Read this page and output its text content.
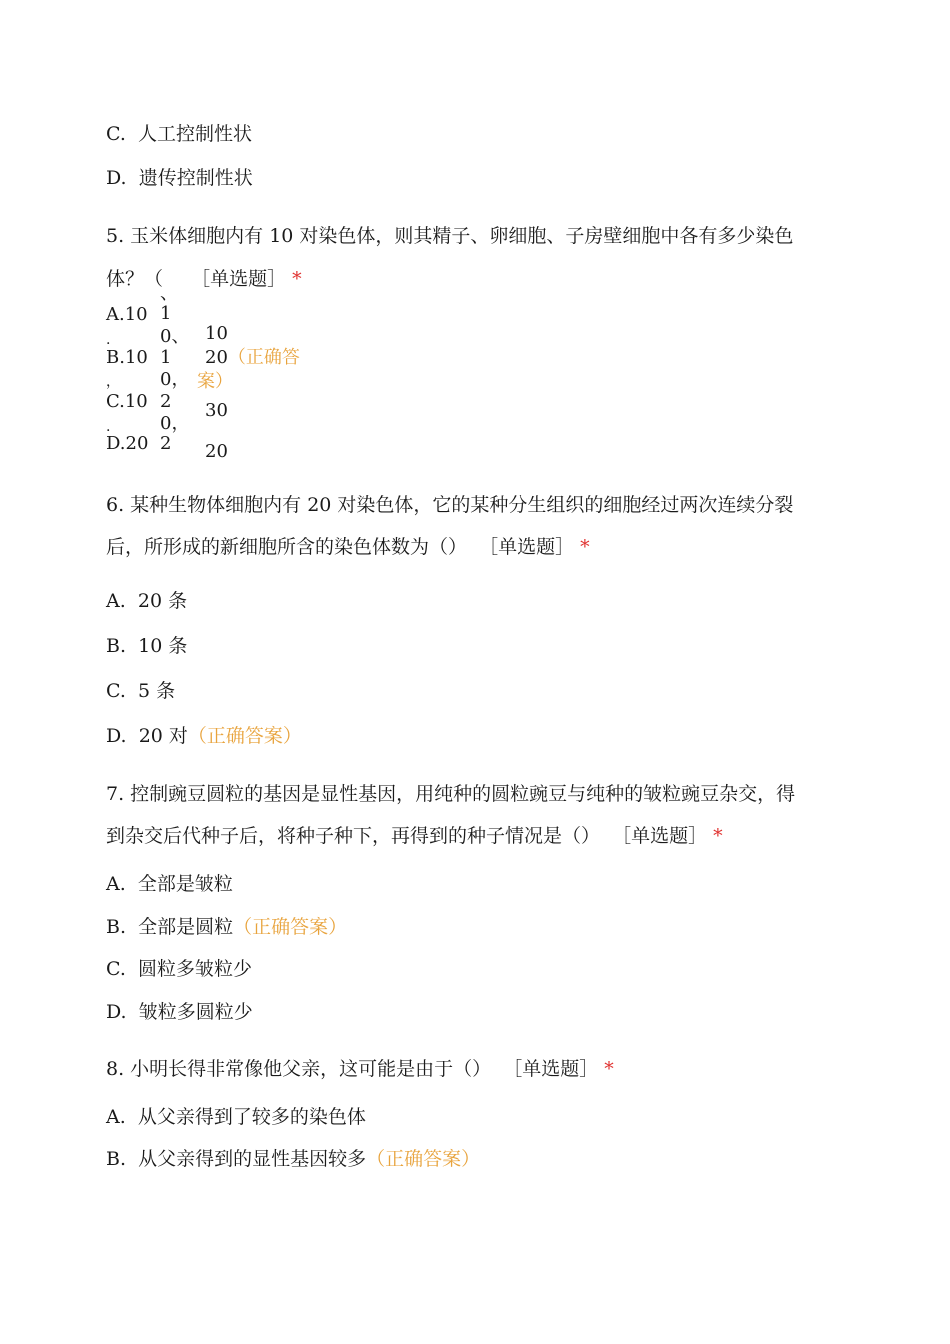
C. 人工控制性状
D. 遗传控制性状
5. 玉米体细胞内有 10 对染色体，则其精子、卵细胞、子房壁细胞中各有多少染色
体？（ ［单选题］ *
A.10
B.10
C.10
D.20
.
，
.
、
1
0、
1
0，
2
0，
2
10
20（正确答
案）
30
20
6. 某种生物体细胞内有 20 对染色体，它的某种分生组织的细胞经过两次连续分裂
后，所形成的新细胞所含的染色体数为（） ［单选题］ *
A. 20 条
B. 10 条
C. 5 条
D. 20 对（正确答案）
7. 控制豌豆圆粒的基因是显性基因，用纯种的圆粒豌豆与纯种的皱粒豌豆杂交，得
到杂交后代种子后，将种子种下，再得到的种子情况是（） ［单选题］ *
A. 全部是皱粒
B. 全部是圆粒（正确答案）
C. 圆粒多皱粒少
D. 皱粒多圆粒少
8. 小明长得非常像他父亲，这可能是由于（） ［单选题］ *
A. 从父亲得到了较多的染色体
B. 从父亲得到的显性基因较多（正确答案）
